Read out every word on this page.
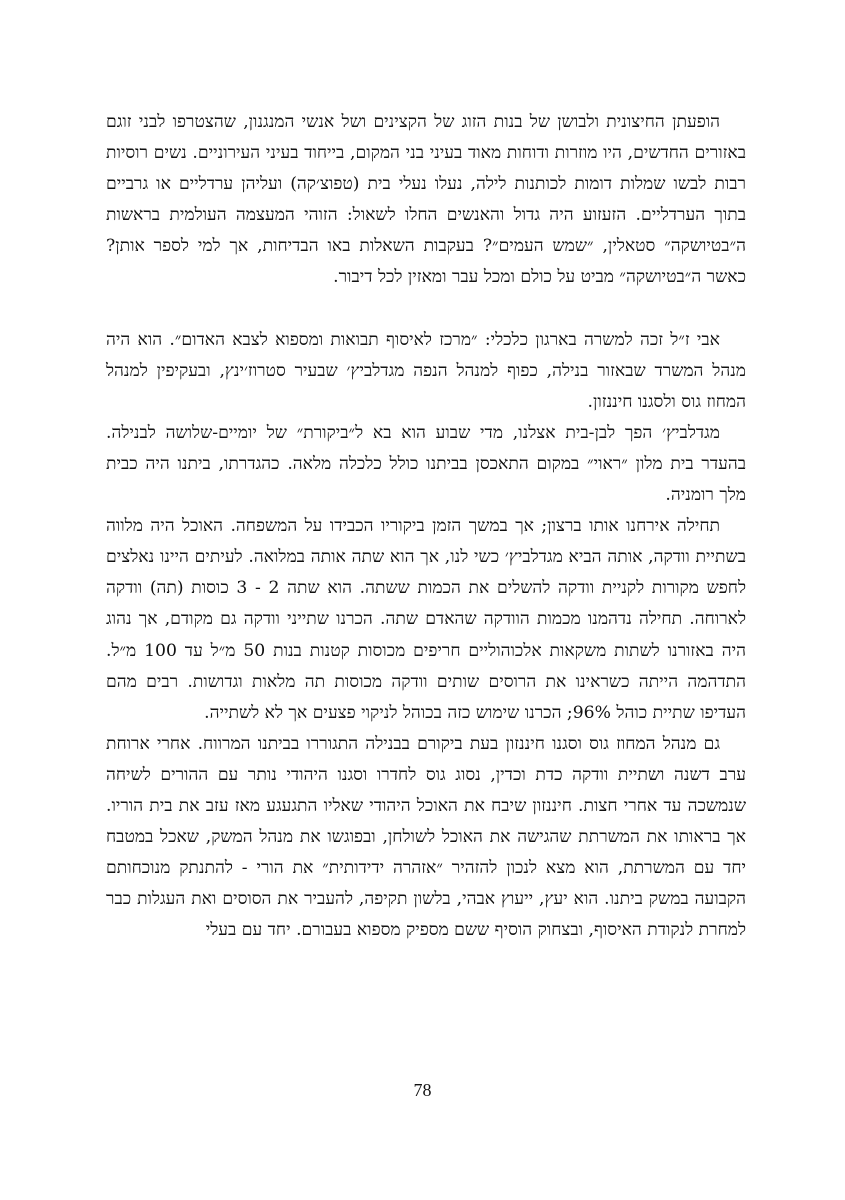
הופעתן החיצונית ולבושן של בנות הזוג של הקצינים ושל אנשי המנגנון, שהצטרפו לבני זוגם באזורים החדשים, היו מוזרות ודוחות מאוד בעיני בני המקום, בייחוד בעיני העירוניים. נשים רוסיות רבות לבשו שמלות דומות לכותנות לילה, נעלו נעלי בית (טפוצ׳קה) ועליהן ערדליים או גרביים בתוך הערדליים. הזעזוע היה גדול והאנשים החלו לשאול: הזוהי המעצמה העולמית בראשות ה״בטיושקה״ סטאלין, ״שמש העמים״? בעקבות השאלות באו הבדיחות, אך למי לספר אותן? כאשר ה״בטיושקה״ מביט על כולם ומכל עבר ומאזין לכל דיבור.

אבי ז״ל זכה למשרה בארגון כלכלי: ״מרכז לאיסוף תבואות ומספוא לצבא האדום״. הוא היה מנהל המשרד שבאזור בנילה, כפוף למנהל הנפה מגדלביץ׳ שבעיר סטרוז׳ינץ, ובעקיפין למנהל המחוז גוס ולסגנו חיננזון.

מגדלביץ׳ הפך לבן-בית אצלנו, מדי שבוע הוא בא ל״ביקורת״ של יומיים-שלושה לבנילה. בהעדר בית מלון ״ראוי״ במקום התאכסן בביתנו כולל כלכלה מלאה. כהגדרתו, ביתנו היה כבית מלך רומניה.

תחילה אירחנו אותו ברצון; אך במשך הזמן ביקוריו הכבידו על המשפחה. האוכל היה מלווה בשתיית וודקה, אותה הביא מגדלביץ׳ כשי לנו, אך הוא שתה אותה במלואה. לעיתים היינו נאלצים לחפש מקורות לקניית וודקה להשלים את הכמות ששתה. הוא שתה 2 - 3 כוסות (תה) וודקה לארוחה. תחילה נדהמנו מכמות הוודקה שהאדם שתה. הכרנו שתייני וודקה גם מקודם, אך נהוג היה באזורנו לשתות משקאות אלכוהוליים חריפים מכוסות קטנות בנות 50 מ״ל עד 100 מ״ל. התדהמה הייתה כשראינו את הרוסים שותים וודקה מכוסות תה מלאות וגדושות. רבים מהם העדיפו שתיית כוהל 96%; הכרנו שימוש כזה בכוהל לניקוי פצעים אך לא לשתייה.

גם מנהל המחוז גוס וסגנו חיננזון בעת ביקורם בבנילה התגוררו בביתנו המרווח. אחרי ארוחת ערב דשנה ושתיית וודקה כדת וכדין, נסוג גוס לחדרו וסגנו היהודי נותר עם ההורים לשיחה שנמשכה עד אחרי חצות. חיננזון שיבח את האוכל היהודי שאליו התגעגע מאז עזב את בית הוריו. אך בראותו את המשרתת שהגישה את האוכל לשולחן, ובפוגשו את מנהל המשק, שאכל במטבח יחד עם המשרתת, הוא מצא לנכון להזהיר ״אזהרה ידידותית״ את הורי - להתנתק מנוכחותם הקבועה במשק ביתנו. הוא יעץ, ייעוץ אבהי, בלשון תקיפה, להעביר את הסוסים ואת העגלות כבר למחרת לנקודת האיסוף, ובצחוק הוסיף ששם מספיק מספוא בעבורם. יחד עם בעלי

78
